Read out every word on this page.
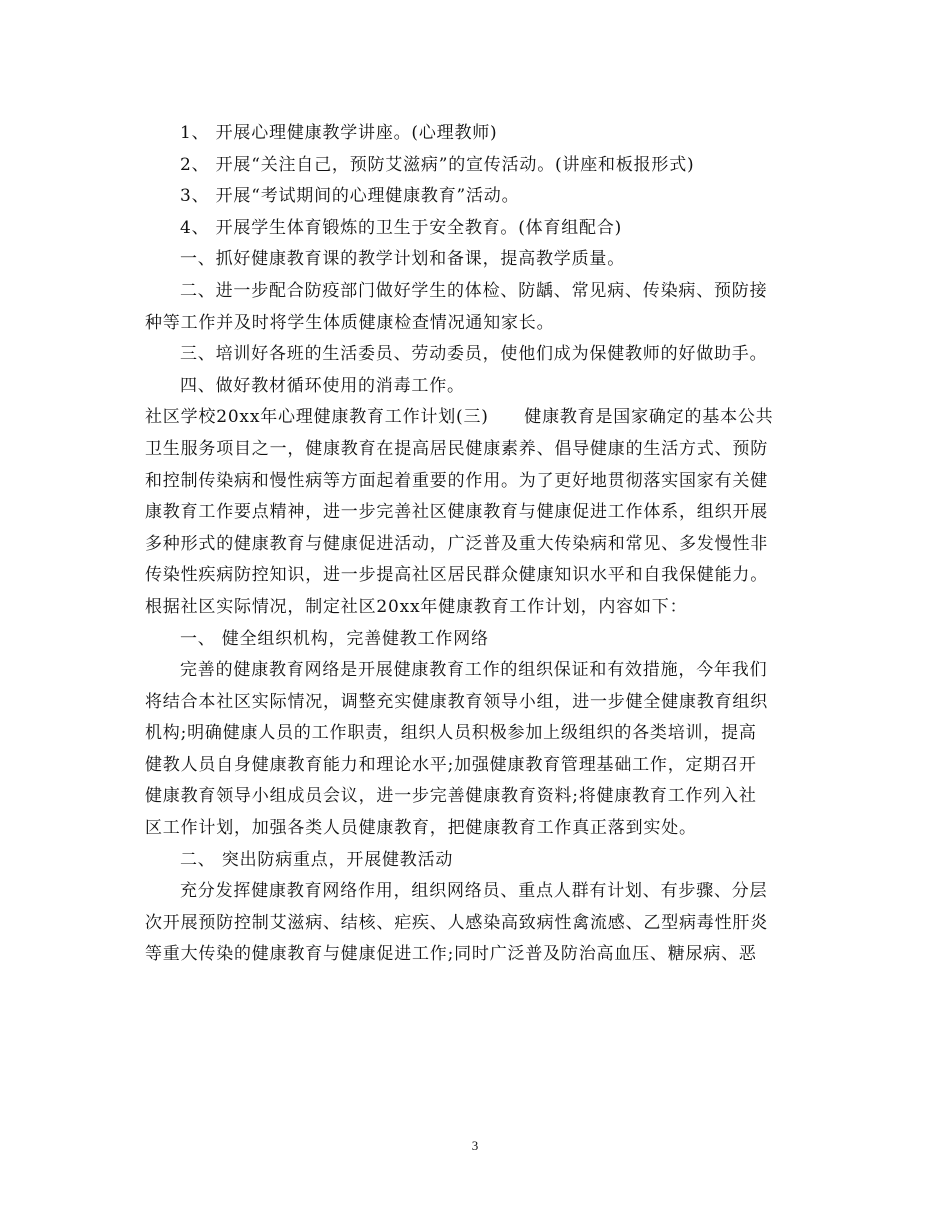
1、 开展心理健康教学讲座。(心理教师)
2、 开展“关注自己，预防艾滋病”的宣传活动。(讲座和板报形式)
3、 开展“考试期间的心理健康教育”活动。
4、 开展学生体育锻炼的卫生于安全教育。(体育组配合)
一、抓好健康教育课的教学计划和备课，提高教学质量。
二、进一步配合防疫部门做好学生的体检、防龋、常见病、传染病、预防接
种等工作并及时将学生体质健康检查情况通知家长。
三、培训好各班的生活委员、劳动委员，使他们成为保健教师的好做助手。
四、做好教材循环使用的消毒工作。
社区学校20xx年心理健康教育工作计划(三)　　健康教育是国家确定的基本公共
卫生服务项目之一，健康教育在提高居民健康素养、倡导健康的生活方式、预防
和控制传染病和慢性病等方面起着重要的作用。为了更好地贯彻落实国家有关健
康教育工作要点精神，进一步完善社区健康教育与健康促进工作体系，组织开展
多种形式的健康教育与健康促进活动，广泛普及重大传染病和常见、多发慢性非
传染性疾病防控知识，进一步提高社区居民群众健康知识水平和自我保健能力。
根据社区实际情况，制定社区20xx年健康教育工作计划，内容如下：
一、 健全组织机构，完善健教工作网络
完善的健康教育网络是开展健康教育工作的组织保证和有效措施，今年我们
将结合本社区实际情况，调整充实健康教育领导小组，进一步健全健康教育组织
机构;明确健康人员的工作职责，组织人员积极参加上级组织的各类培训，提高
健教人员自身健康教育能力和理论水平;加强健康教育管理基础工作，定期召开
健康教育领导小组成员会议，进一步完善健康教育资料;将健康教育工作列入社
区工作计划，加强各类人员健康教育，把健康教育工作真正落到实处。
二、 突出防病重点，开展健教活动
充分发挥健康教育网络作用，组织网络员、重点人群有计划、有步骤、分层
次开展预防控制艾滋病、结核、疟疾、人感染高致病性禽流感、乙型病毒性肝炎
等重大传染的健康教育与健康促进工作;同时广泛普及防治高血压、糖尿病、恶
3
